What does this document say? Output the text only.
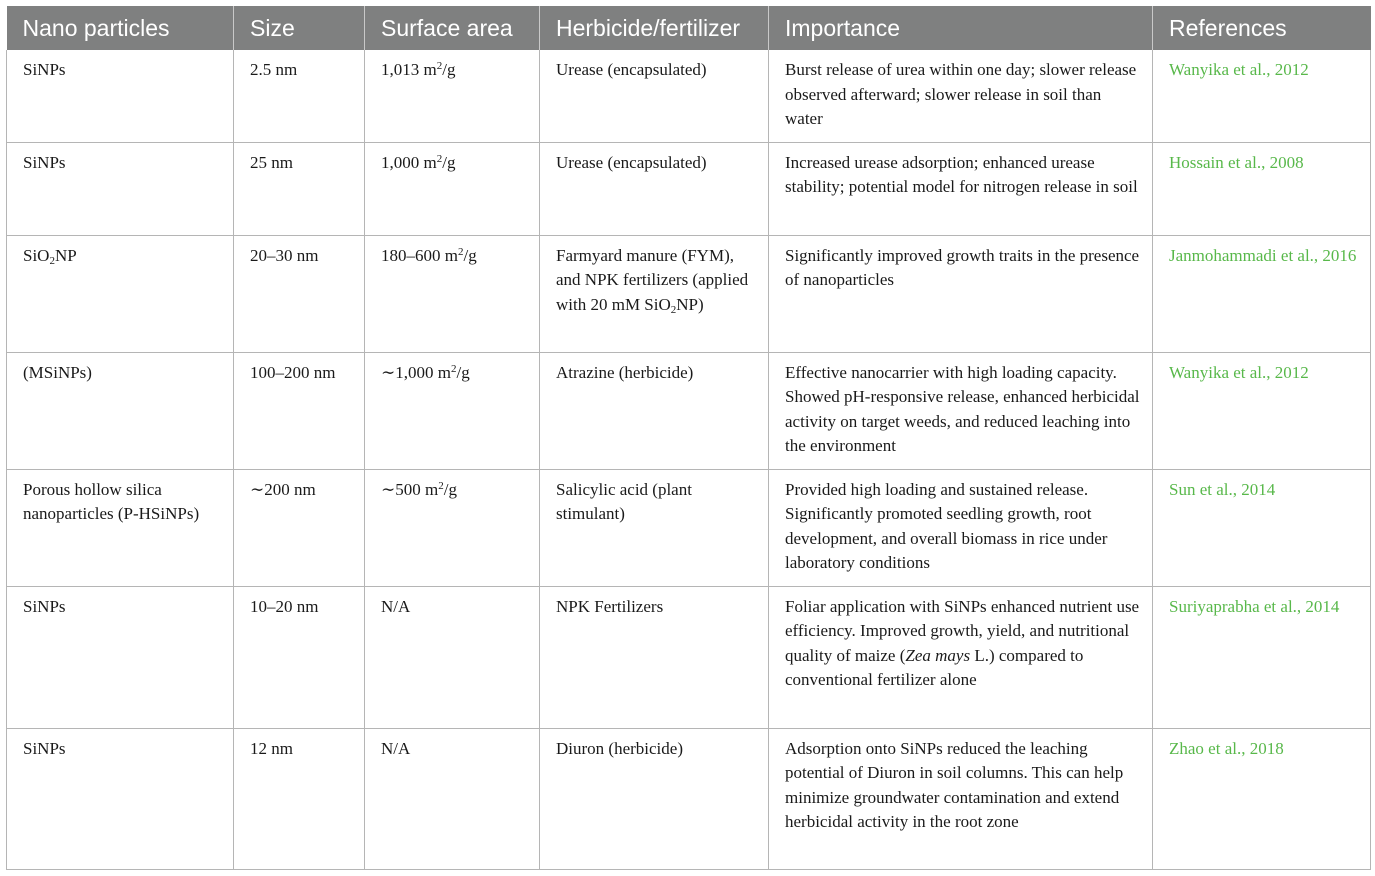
Nano particles	Size	Surface area	Herbicide/fertilizer	Importance	References
SiNPs	2.5 nm	1,013 $m^2/g$	Urease (encapsulated)	Burst release of urea within one day; slower release observed afterward; slower release in soil than water	Wanyika et al., 2012
SiNPs	25 nm	1,000 $m^2/g$	Urease (encapsulated)	Increased urease adsorption; enhanced urease stability; potential model for nitrogen release in soil	Hossain et al., 2008
SiO$_2$NP	20–30 nm	180–600 $m^2/g$	Farmyard manure (FYM), and NPK fertilizers (applied with 20 mM SiO$_2$NP)	Significantly improved growth traits in the presence of nanoparticles	Janmohammadi et al., 2016
(MSiNPs)	100–200 nm	∼1,000 $m^2/g$	Atrazine (herbicide)	Effective nanocarrier with high loading capacity. Showed pH-responsive release, enhanced herbicidal activity on target weeds, and reduced leaching into the environment	Wanyika et al., 2012
Porous hollow silica nanoparticles (P-HSiNPs)	∼200 nm	∼500 $m^2/g$	Salicylic acid (plant stimulant)	Provided high loading and sustained release. Significantly promoted seedling growth, root development, and overall biomass in rice under laboratory conditions	Sun et al., 2014
SiNPs	10–20 nm	N/A	NPK Fertilizers	Foliar application with SiNPs enhanced nutrient use efficiency. Improved growth, yield, and nutritional quality of maize (Zea mays L.) compared to conventional fertilizer alone	Suriyaprabha et al., 2014
SiNPs	12 nm	N/A	Diuron (herbicide)	Adsorption onto SiNPs reduced the leaching potential of Diuron in soil columns. This can help minimize groundwater contamination and extend herbicidal activity in the root zone	Zhao et al., 2018
